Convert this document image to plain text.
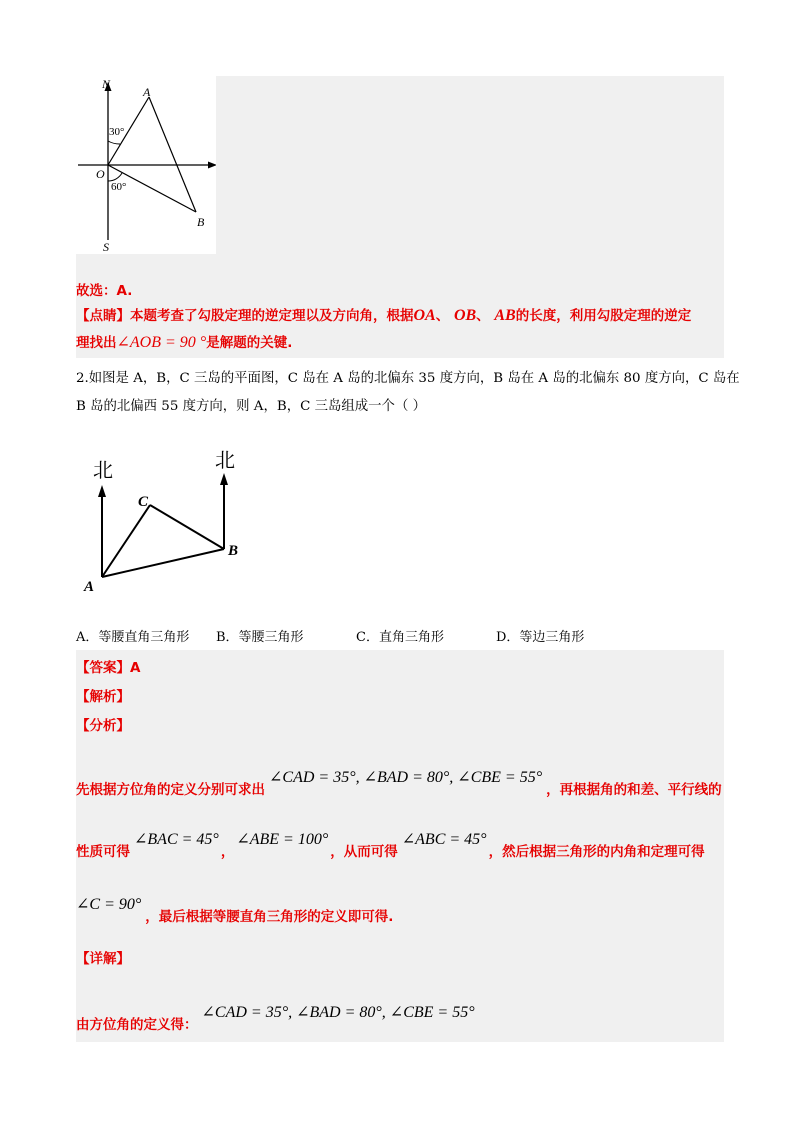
N
A
30°
O
60°
B
S
故选：A.
【点睛】本题考查了勾股定理的逆定理以及方向角，根据OA、 OB、 AB的长度，利用勾股定理的逆定
理找出∠AOB = 90 °是解题的关键.
2.如图是 A，B，C 三岛的平面图，C 岛在 A 岛的北偏东 35 度方向，B 岛在 A 岛的北偏东 80 度方向，C 岛在
B 岛的北偏西 55 度方向，则 A，B，C 三岛组成一个（ ）
北	北
C
B
A
A．等腰直角三角形 B．等腰三角形	C．直角三角形	D．等边三角形
【答案】A
【解析】
【分析】
$_{先根据方位角的定义分别可求出}$∠CAD = 35°, ∠BAD = 80°, ∠CBE = $55^\circ_{,再根据角的和差、平行线的}$
$_{性质可得}$∠BAC = $45^\circ_,\angle ABE$ = $100^\circ_{,从而可得}\angle ABC = 45^\circ_{,然后根据三角形的内角和定理可得}$
∠C = $90^\circ_{,最后根据等腰直角三角形的定义即可得.}$
【详解】
$_{由方位角的定义得:}$∠CAD = 35°, ∠BAD = 80°, ∠CBE = 55°
